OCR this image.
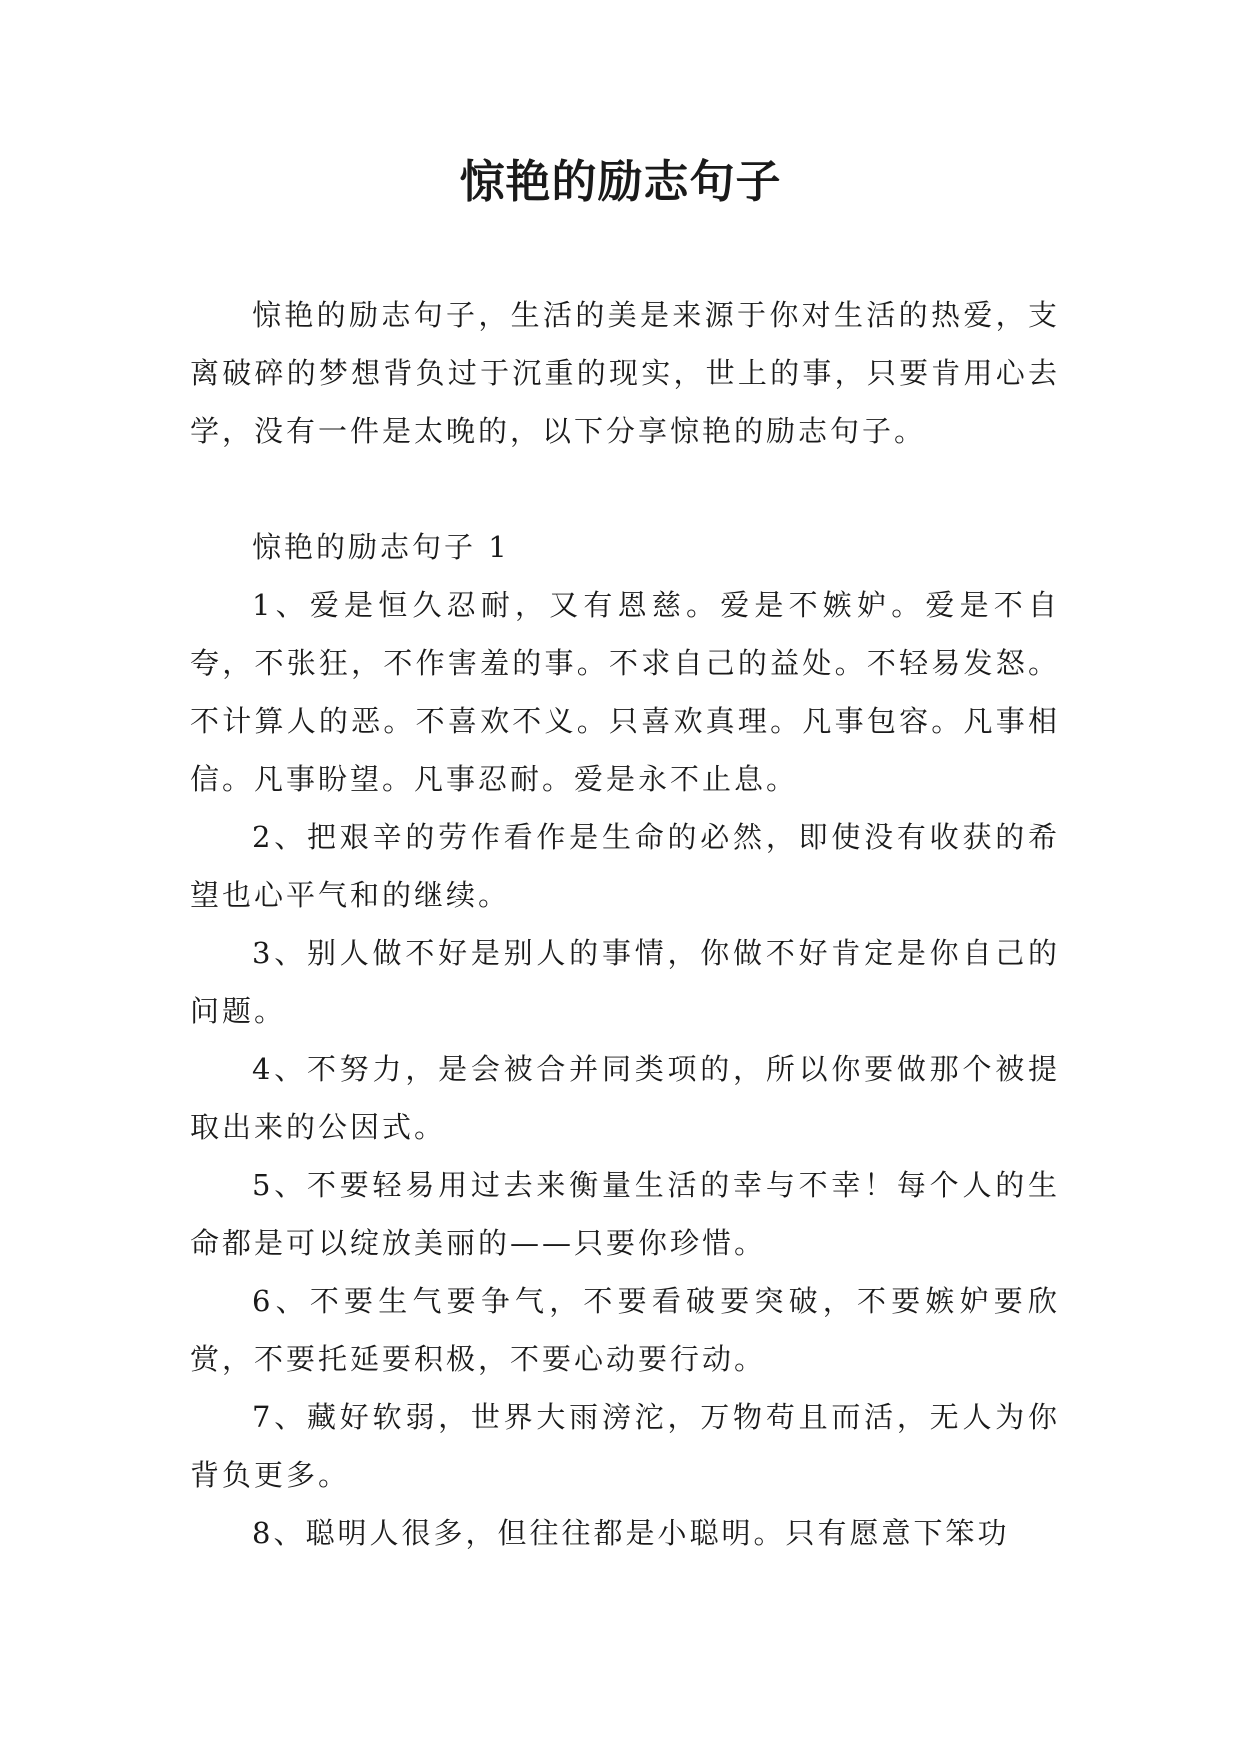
惊艳的励志句子

惊艳的励志句子，生活的美是来源于你对生活的热爱，支离破碎的梦想背负过于沉重的现实，世上的事，只要肯用心去学，没有一件是太晚的，以下分享惊艳的励志句子。

惊艳的励志句子 1

1、爱是恒久忍耐，又有恩慈。爱是不嫉妒。爱是不自夸，不张狂，不作害羞的事。不求自己的益处。不轻易发怒。不计算人的恶。不喜欢不义。只喜欢真理。凡事包容。凡事相信。凡事盼望。凡事忍耐。爱是永不止息。

2、把艰辛的劳作看作是生命的必然，即使没有收获的希望也心平气和的继续。

3、别人做不好是别人的事情，你做不好肯定是你自己的问题。

4、不努力，是会被合并同类项的，所以你要做那个被提取出来的公因式。

5、不要轻易用过去来衡量生活的幸与不幸！每个人的生命都是可以绽放美丽的——只要你珍惜。

6、不要生气要争气，不要看破要突破，不要嫉妒要欣赏，不要托延要积极，不要心动要行动。

7、藏好软弱，世界大雨滂沱，万物苟且而活，无人为你背负更多。

8、聪明人很多，但往往都是小聪明。只有愿意下笨功
